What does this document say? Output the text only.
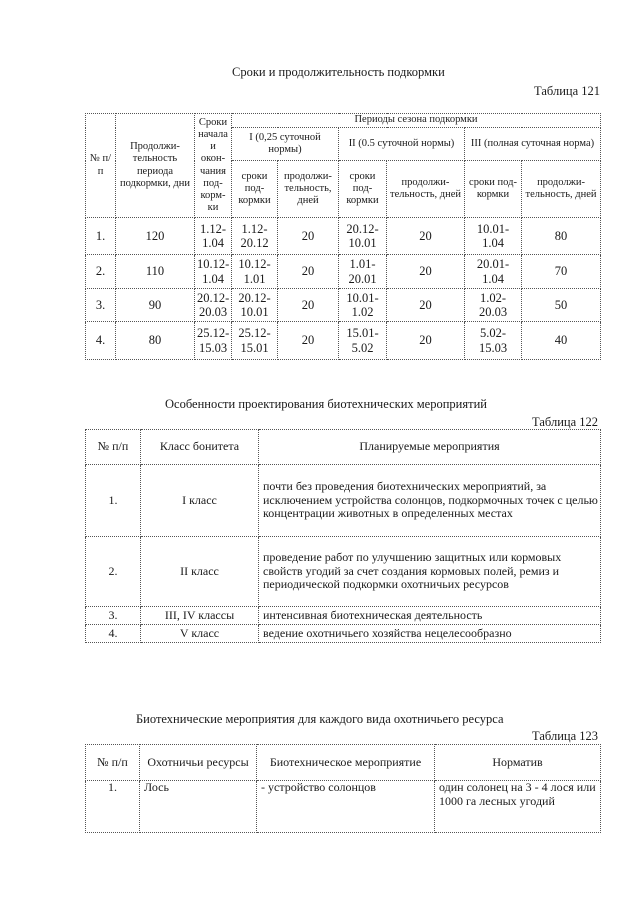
Сроки и продолжительность подкормки
Таблица 121
№ п/п	Продолжи-тельность периода подкормки, дни	Сроки начала и окон-чания под-корм-ки	Периоды сезона подкормки					
			I (0,25 суточной нормы)		II (0.5 суточной нормы)		III (полная суточная норма)	
			сроки под-кормки	продолжи-тельность, дней	сроки под-кормки	продолжи-тельность, дней	сроки под-кормки	продолжи-тельность, дней
1.	120	1.12-1.04	1.12-20.12	20	20.12-10.01	20	10.01-1.04	80
2.	110	10.12-1.04	10.12-1.01	20	1.01-20.01	20	20.01-1.04	70
3.	90	20.12-20.03	20.12-10.01	20	10.01-1.02	20	1.02-20.03	50
4.	80	25.12-15.03	25.12-15.01	20	15.01-5.02	20	5.02-15.03	40
Особенности проектирования биотехнических мероприятий
Таблица 122
№ п/п	Класс бонитета	Планируемые мероприятия
1.	I класс	почти без проведения биотехнических мероприятий, за исключением устройства солонцов, подкормочных точек с целью концентрации животных в определенных местах
2.	II класс	проведение работ по улучшению защитных или кормовых свойств угодий за счет создания кормовых полей, ремиз и периодической подкормки охотничьих ресурсов
3.	III, IV классы	интенсивная биотехническая деятельность
4.	V класс	ведение охотничьего хозяйства нецелесообразно
Биотехнические мероприятия для каждого вида охотничьего ресурса
Таблица 123
№ п/п	Охотничьи ресурсы	Биотехническое мероприятие	Норматив
1.	Лось	- устройство солонцов	один солонец на 3 - 4 лося или 1000 га лесных угодий
